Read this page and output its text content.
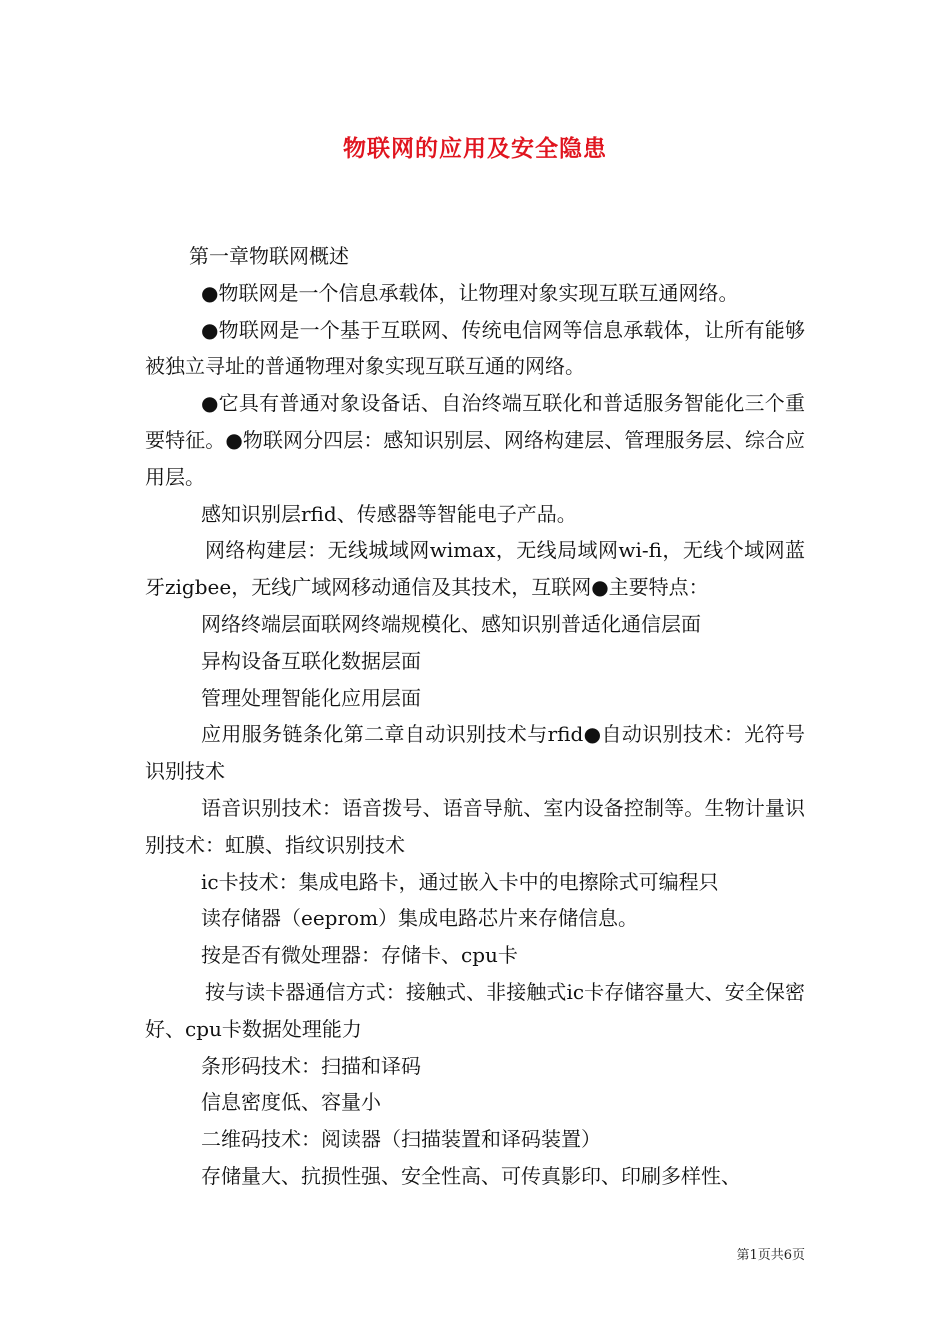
物联网的应用及安全隐患

第一章物联网概述

●物联网是一个信息承载体，让物理对象实现互联互通网络。

●物联网是一个基于互联网、传统电信网等信息承载体，让所有能够被独立寻址的普通物理对象实现互联互通的网络。

●它具有普通对象设备话、自治终端互联化和普适服务智能化三个重要特征。●物联网分四层：感知识别层、网络构建层、管理服务层、综合应用层。

感知识别层rfid、传感器等智能电子产品。

网络构建层：无线城域网wimax，无线局域网wi-fi，无线个域网蓝牙zigbee，无线广域网移动通信及其技术，互联网●主要特点：

网络终端层面联网终端规模化、感知识别普适化通信层面

异构设备互联化数据层面

管理处理智能化应用层面

应用服务链条化第二章自动识别技术与rfid●自动识别技术：光符号识别技术

语音识别技术：语音拨号、语音导航、室内设备控制等。生物计量识别技术：虹膜、指纹识别技术

ic卡技术：集成电路卡，通过嵌入卡中的电擦除式可编程只

读存储器（eeprom）集成电路芯片来存储信息。

按是否有微处理器：存储卡、cpu卡

按与读卡器通信方式：接触式、非接触式ic卡存储容量大、安全保密好、cpu卡数据处理能力

条形码技术：扫描和译码

信息密度低、容量小

二维码技术：阅读器（扫描装置和译码装置）

存储量大、抗损性强、安全性高、可传真影印、印刷多样性、

第1页共6页
